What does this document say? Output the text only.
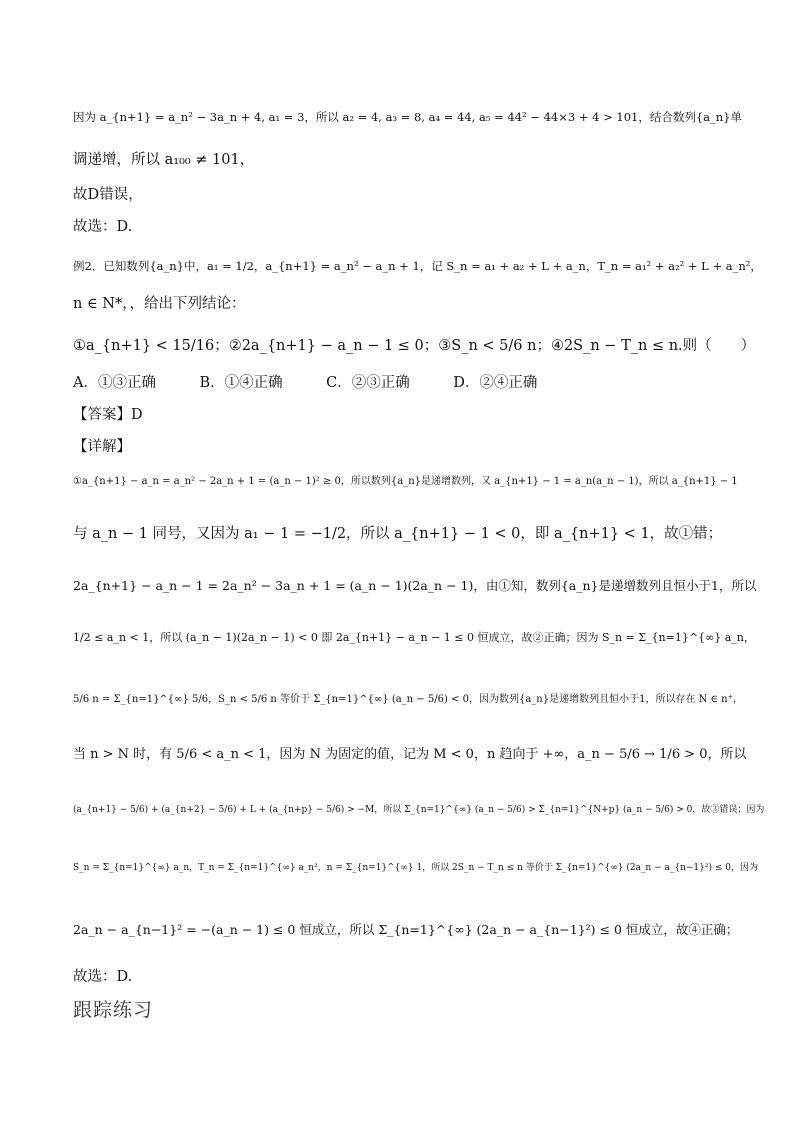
因为 a_{n+1} = a_n² − 3a_n + 4, a₁ = 3，所以 a₂ = 4, a₃ = 8, a₄ = 44, a₅ = 44² − 44×3 + 4 > 101，结合数列{a_n}单
调递增，所以 a₁₀₀ ≠ 101，
故D错误，
故选：D.
例2．已知数列{a_n}中，a₁ = 1/2，a_{n+1} = a_n² − a_n + 1，记 S_n = a₁ + a₂ + L + a_n，T_n = a₁² + a₂² + L + a_n²，
n ∈ N*，，给出下列结论：
①a_{n+1} < 15/16；②2a_{n+1} − a_n − 1 ≤ 0；③S_n < 5/6 n；④2S_n − T_n ≤ n.则（　　）
A．①③正确　　　B．①④正确　　　C．②③正确　　　D．②④正确
【答案】D
【详解】
①a_{n+1} − a_n = a_n² − 2a_n + 1 = (a_n − 1)² ≥ 0，所以数列{a_n}是递增数列，又 a_{n+1} − 1 = a_n(a_n − 1)，所以 a_{n+1} − 1
与 a_n − 1 同号，又因为 a₁ − 1 = −1/2，所以 a_{n+1} − 1 < 0，即 a_{n+1} < 1，故①错；
2a_{n+1} − a_n − 1 = 2a_n² − 3a_n + 1 = (a_n − 1)(2a_n − 1)，由①知，数列{a_n}是递增数列且恒小于1，所以
1/2 ≤ a_n < 1，所以 (a_n − 1)(2a_n − 1) < 0 即 2a_{n+1} − a_n − 1 ≤ 0 恒成立，故②正确；因为 S_n = Σ_{n=1}^{∞} a_n，
5/6 n = Σ_{n=1}^{∞} 5/6，S_n < 5/6 n 等价于 Σ_{n=1}^{∞} (a_n − 5/6) < 0，因为数列{a_n}是递增数列且恒小于1，所以存在 N ∈ n⁺，
当 n > N 时，有 5/6 < a_n < 1，因为 N 为固定的值，记为 M < 0，n 趋向于 +∞，a_n − 5/6 → 1/6 > 0，所以
(a_{n+1} − 5/6) + (a_{n+2} − 5/6) + L + (a_{n+p} − 5/6) > −M，所以 Σ_{n=1}^{∞} (a_n − 5/6) > Σ_{n=1}^{N+p} (a_n − 5/6) > 0，故③错误；因为
S_n = Σ_{n=1}^{∞} a_n，T_n = Σ_{n=1}^{∞} a_n²，n = Σ_{n=1}^{∞} 1，所以 2S_n − T_n ≤ n 等价于 Σ_{n=1}^{∞} (2a_n − a_{n−1}²) ≤ 0，因为
2a_n − a_{n−1}² = −(a_n − 1) ≤ 0 恒成立，所以 Σ_{n=1}^{∞} (2a_n − a_{n−1}²) ≤ 0 恒成立，故④正确；
故选：D.
跟踪练习
